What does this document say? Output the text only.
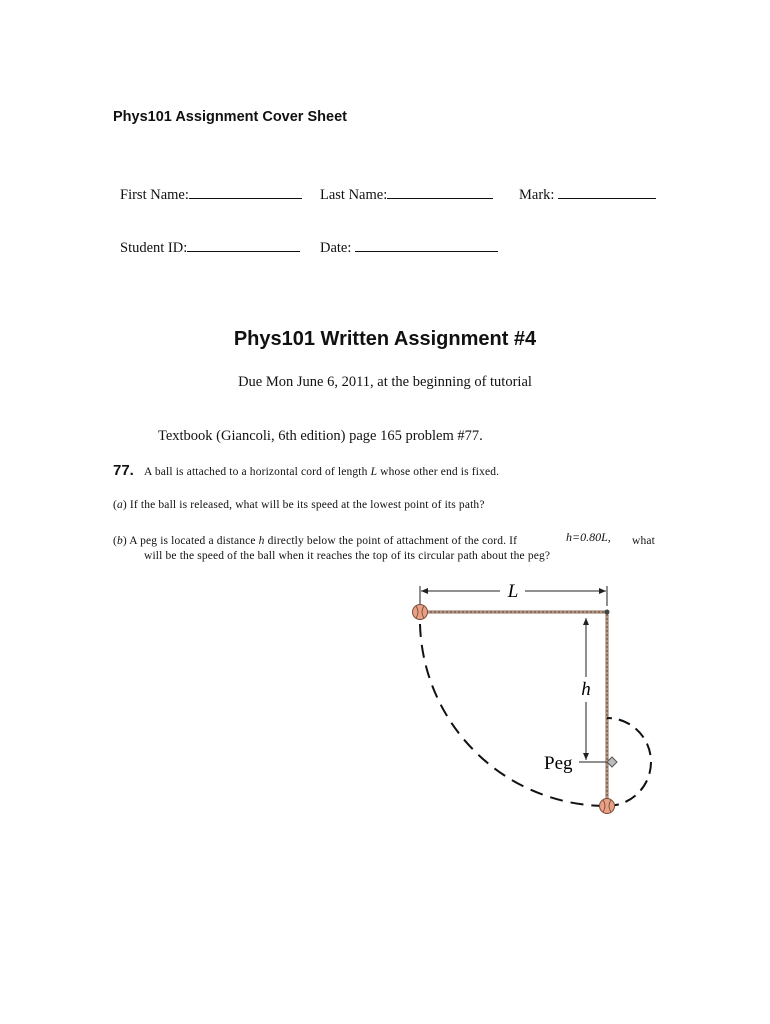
Phys101 Assignment Cover Sheet
First Name:	Last Name:	Mark:
Student ID:	Date:
Phys101 Written Assignment #4
Due Mon June 6, 2011, at the beginning of tutorial
Textbook (Giancoli, 6th edition) page 165 problem #77.
77. A ball is attached to a horizontal cord of length L whose other end is fixed.
(a) If the ball is released, what will be its speed at the lowest point of its path?
(b) A peg is located a distance h directly below the point of attachment of the cord. If	h=0.80L, what
will be the speed of the ball when it reaches the top of its circular path about the peg?
L
h
Peg
